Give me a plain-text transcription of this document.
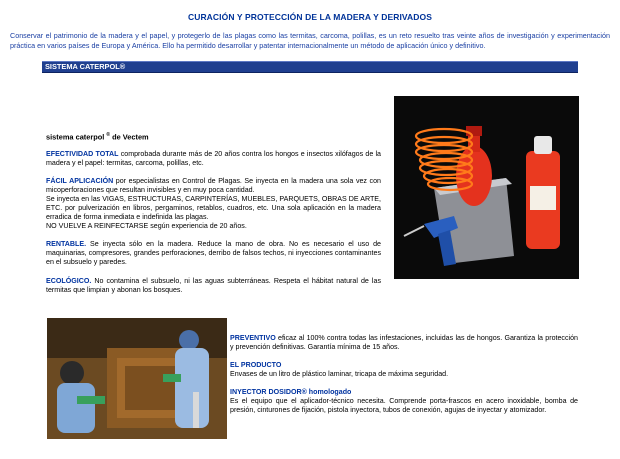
CURACIÓN Y PROTECCIÓN DE LA MADERA Y DERIVADOS
Conservar el patrimonio de la madera y el papel, y protegerlo de las plagas como las termitas, carcoma, polillas, es un reto resuelto tras veinte años de investigación y experimentación práctica en varios países de Europa y América. Ello ha permitido desarrollar y patentar internacionalmente un método de aplicación único y definitivo.
SISTEMA CATERPOL®
sistema caterpol ® de Vectem
EFECTIVIDAD TOTAL comprobada durante más de 20 años contra los hongos e insectos xilófagos de la madera y el papel: termitas, carcoma, polillas, etc.
FÁCIL APLICACIÓN por especialistas en Control de Plagas. Se inyecta en la madera una sola vez con micoperforaciones que resultan invisibles y en muy poca cantidad.
Se inyecta en las VIGAS, ESTRUCTURAS, CARPINTERÍAS, MUEBLES, PARQUETS, OBRAS DE ARTE, ETC. por pulverización en libros, pergaminos, retablos, cuadros, etc. Una sola aplicación en la madera erradica de forma inmediata e indefinida las plagas.
NO VUELVE A REINFECTARSE según experiencia de 20 años.
RENTABLE. Se inyecta sólo en la madera. Reduce la mano de obra. No es necesario el uso de maquinarias, compresores, grandes perforaciones, derribo de falsos techos, ni inyecciones contaminantes en el subsuelo y paredes.
ECOLÓGICO. No contamina el subsuelo, ni las aguas subterráneas. Respeta el hábitat natural de las termitas que limpian y abonan los bosques.
PREVENTIVO eficaz al 100% contra todas las infestaciones, incluidas las de hongos. Garantiza la protección y prevención definitivas. Garantía mínima de 15 años.
EL PRODUCTO
Envases de un litro de plástico laminar, tricapa de máxima seguridad.
INYECTOR DOSIDOR® homologado
Es el equipo que el aplicador-técnico necesita. Comprende porta-frascos en acero inoxidable, bomba de presión, cinturones de fijación, pistola inyectora, tubos de conexión, agujas de inyectar y atomizador.
